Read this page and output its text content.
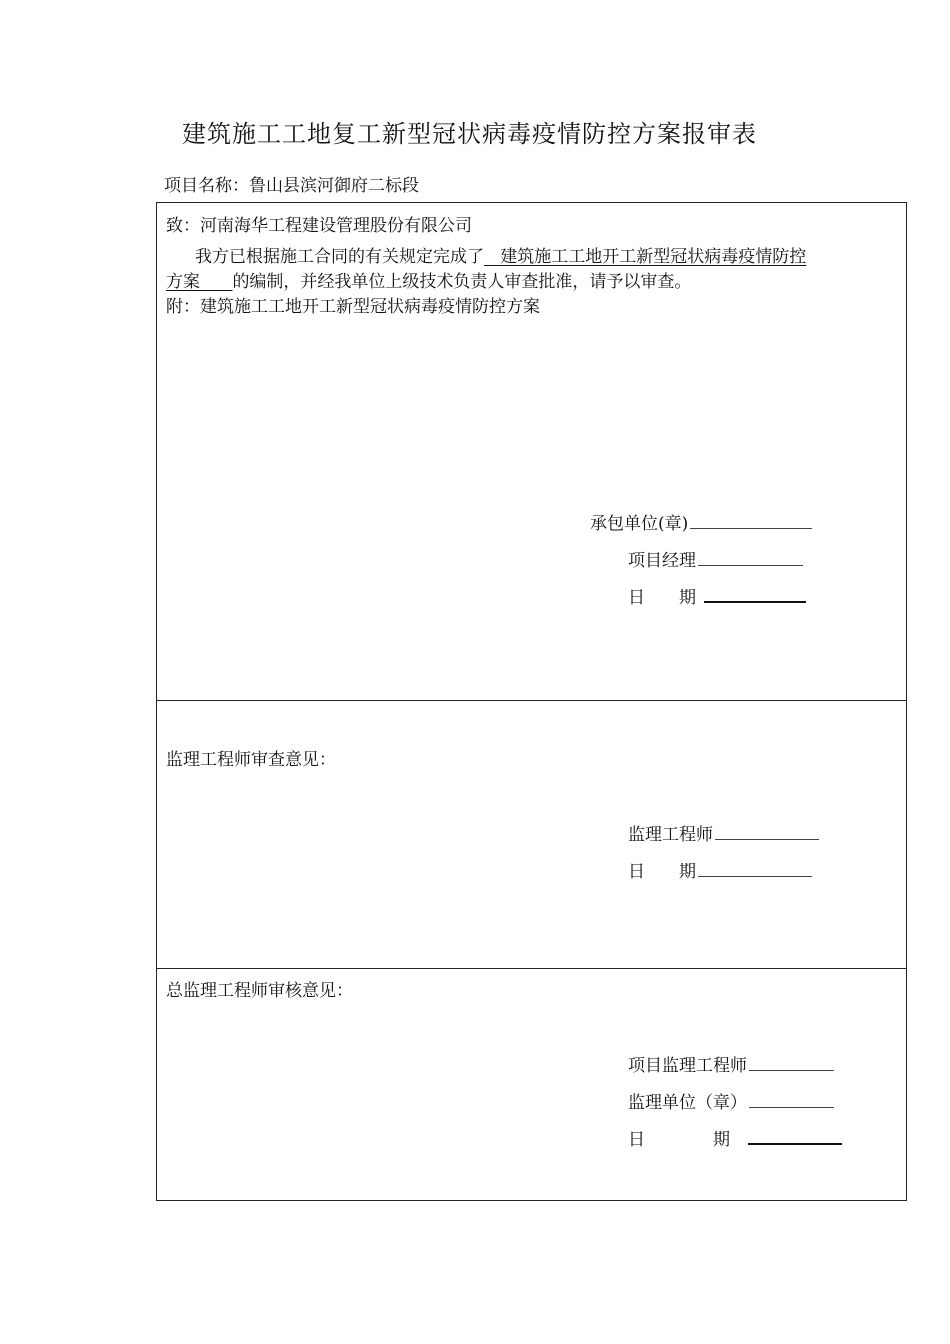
建筑施工工地复工新型冠状病毒疫情防控方案报审表
项目名称：鲁山县滨河御府二标段
致：河南海华工程建设管理股份有限公司
我方已根据施工合同的有关规定完成了 建筑施工工地开工新型冠状病毒疫情防控
方案 的编制，并经我单位上级技术负责人审查批准，请予以审查。
附：建筑施工工地开工新型冠状病毒疫情防控方案
承包单位(章)
项目经理
日　　期
监理工程师审查意见：
监理工程师
日　　期
总监理工程师审核意见：
项目监理工程师
监理单位（章）
日　　　　期
